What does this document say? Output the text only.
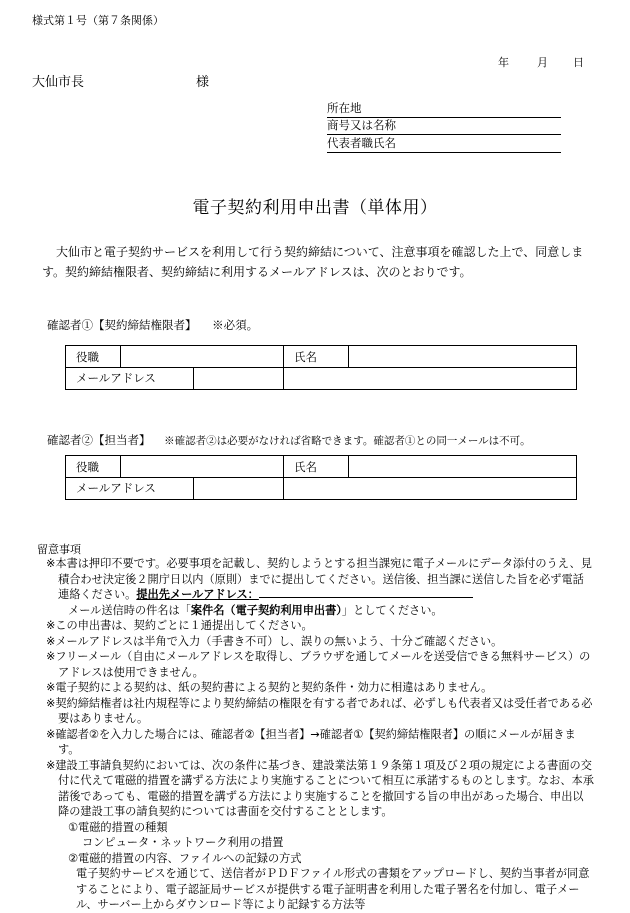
様式第１号（第７条関係）
年	月 日
大仙市長	様
所在地
商号又は名称
代表者職氏名
電子契約利用申出書（単体用）
大仙市と電子契約サービスを利用して行う契約締結について、注意事項を確認した上で、同意します。契約締結権限者、契約締結に利用するメールアドレスは、次のとおりです。
確認者①【契約締結権限者】 ※必須。
役職		氏名	

メールアドレス			

確認者②【担当者】 ※確認者②は必要がなければ省略できます。確認者①との同一メールは不可。
役職		氏名	

メールアドレス			

留意事項

※本書は押印不要です。必要事項を記載し、契約しようとする担当課宛に電子メールにデータ添付のうえ、見積合わせ決定後２開庁日以内（原則）までに提出してください。送信後、担当課に送信した旨を必ず電話連絡ください。提出先メールアドレス：

メール送信時の件名は「案件名（電子契約利用申出書）」としてください。

※この申出書は、契約ごとに１通提出してください。

※メールアドレスは半角で入力（手書き不可）し、誤りの無いよう、十分ご確認ください。

※フリーメール（自由にメールアドレスを取得し、ブラウザを通してメールを送受信できる無料サービス）のアドレスは使用できません。

※電子契約による契約は、紙の契約書による契約と契約条件・効力に相違はありません。

※契約締結権者は社内規程等により契約締結の権限を有する者であれば、必ずしも代表者又は受任者である必要はありません。

※確認者②を入力した場合には、確認者②【担当者】→確認者①【契約締結権限者】の順にメールが届きます。

※建設工事請負契約においては、次の条件に基づき、建設業法第１９条第１項及び２項の規定による書面の交付に代えて電磁的措置を講ずる方法により実施することについて相互に承諾するものとします。なお、本承諾後であっても、電磁的措置を講ずる方法により実施することを撤回する旨の申出があった場合、申出以降の建設工事の請負契約については書面を交付することとします。

①電磁的措置の種類

コンピュータ・ネットワーク利用の措置

②電磁的措置の内容、ファイルへの記録の方式

電子契約サービスを通じて、送信者がＰＤＦファイル形式の書類をアップロードし、契約当事者が同意することにより、電子認証局サービスが提供する電子証明書を利用した電子署名を付加し、電子メール、サーバー上からダウンロード等により記録する方法等
